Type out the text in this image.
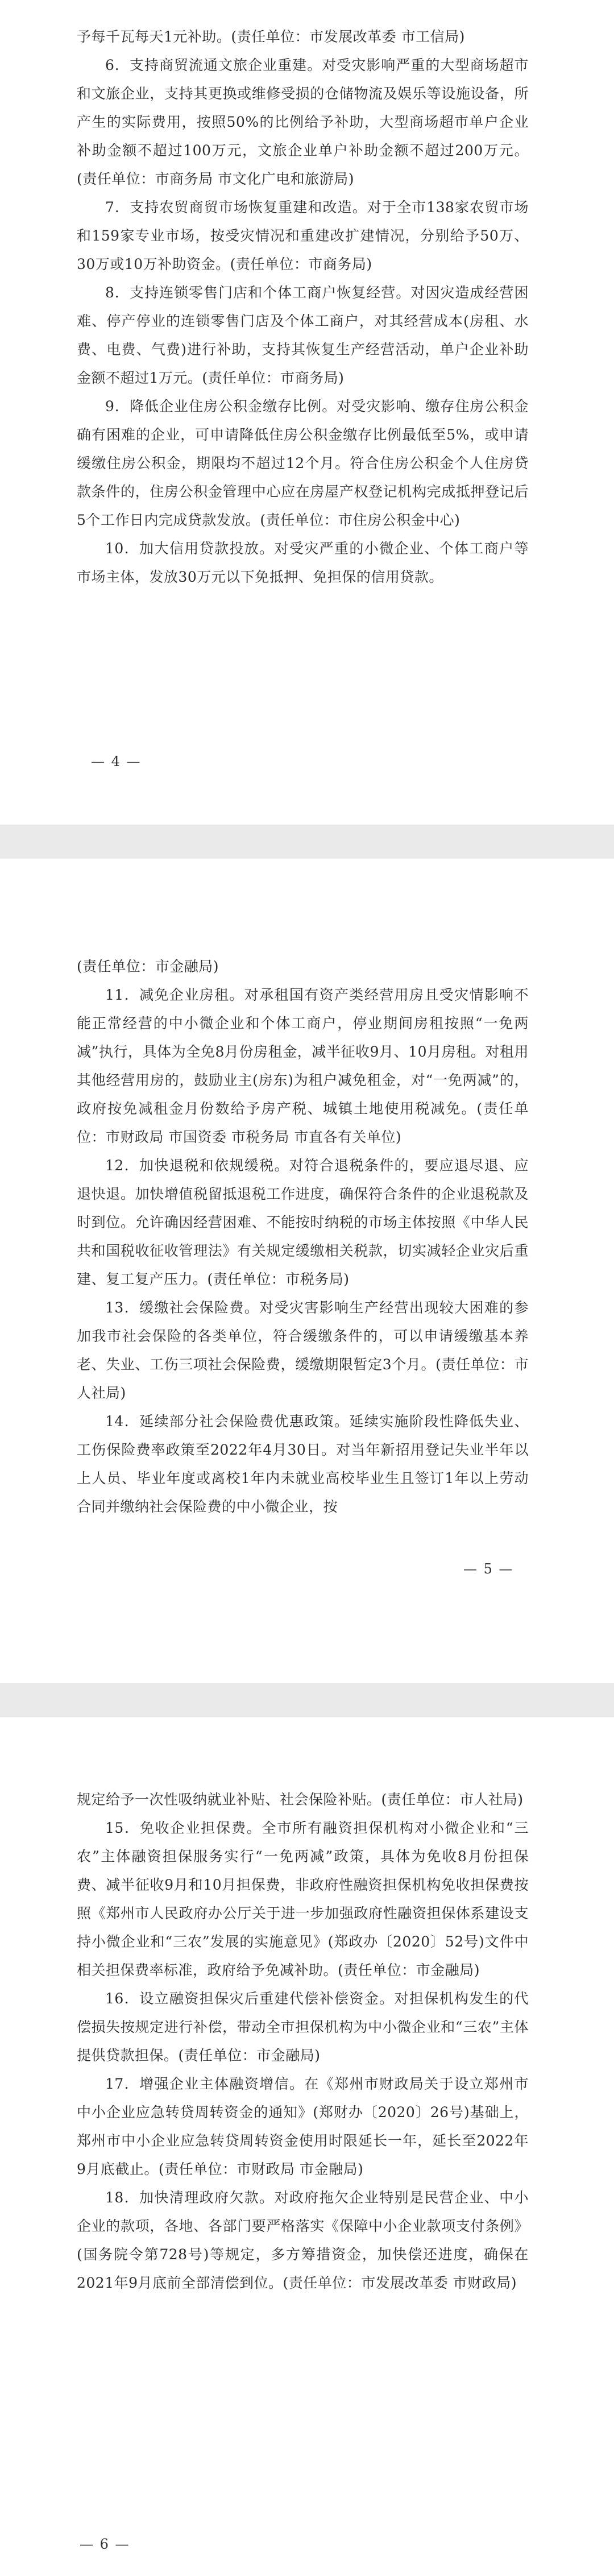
予每千瓦每天1元补助。(责任单位：市发展改革委 市工信局)

6．支持商贸流通文旅企业重建。对受灾影响严重的大型商场超市和文旅企业，支持其更换或维修受损的仓储物流及娱乐等设施设备，所产生的实际费用，按照50%的比例给予补助，大型商场超市单户企业补助金额不超过100万元，文旅企业单户补助金额不超过200万元。(责任单位：市商务局 市文化广电和旅游局)

7．支持农贸商贸市场恢复重建和改造。对于全市138家农贸市场和159家专业市场，按受灾情况和重建改扩建情况，分别给予50万、30万或10万补助资金。(责任单位：市商务局)

8．支持连锁零售门店和个体工商户恢复经营。对因灾造成经营困难、停产停业的连锁零售门店及个体工商户，对其经营成本(房租、水费、电费、气费)进行补助，支持其恢复生产经营活动，单户企业补助金额不超过1万元。(责任单位：市商务局)

9．降低企业住房公积金缴存比例。对受灾影响、缴存住房公积金确有困难的企业，可申请降低住房公积金缴存比例最低至5%，或申请缓缴住房公积金，期限均不超过12个月。符合住房公积金个人住房贷款条件的，住房公积金管理中心应在房屋产权登记机构完成抵押登记后5个工作日内完成贷款发放。(责任单位：市住房公积金中心)

10．加大信用贷款投放。对受灾严重的小微企业、个体工商户等市场主体，发放30万元以下免抵押、免担保的信用贷款。

— 4 —

(责任单位：市金融局)

11．减免企业房租。对承租国有资产类经营用房且受灾情影响不能正常经营的中小微企业和个体工商户，停业期间房租按照“一免两减”执行，具体为全免8月份房租金，减半征收9月、10月房租。对租用其他经营用房的，鼓励业主(房东)为租户减免租金，对“一免两减”的，政府按免减租金月份数给予房产税、城镇土地使用税减免。(责任单位：市财政局 市国资委 市税务局 市直各有关单位)

12．加快退税和依规缓税。对符合退税条件的，要应退尽退、应退快退。加快增值税留抵退税工作进度，确保符合条件的企业退税款及时到位。允许确因经营困难、不能按时纳税的市场主体按照《中华人民共和国税收征收管理法》有关规定缓缴相关税款，切实减轻企业灾后重建、复工复产压力。(责任单位：市税务局)

13．缓缴社会保险费。对受灾害影响生产经营出现较大困难的参加我市社会保险的各类单位，符合缓缴条件的，可以申请缓缴基本养老、失业、工伤三项社会保险费，缓缴期限暂定3个月。(责任单位：市人社局)

14．延续部分社会保险费优惠政策。延续实施阶段性降低失业、工伤保险费率政策至2022年4月30日。对当年新招用登记失业半年以上人员、毕业年度或离校1年内未就业高校毕业生且签订1年以上劳动合同并缴纳社会保险费的中小微企业，按

— 5 —

规定给予一次性吸纳就业补贴、社会保险补贴。(责任单位：市人社局)

15．免收企业担保费。全市所有融资担保机构对小微企业和“三农”主体融资担保服务实行“一免两减”政策，具体为免收8月份担保费、减半征收9月和10月担保费，非政府性融资担保机构免收担保费按照《郑州市人民政府办公厅关于进一步加强政府性融资担保体系建设支持小微企业和“三农”发展的实施意见》(郑政办〔2020〕52号)文件中相关担保费率标准，政府给予免减补助。(责任单位：市金融局)

16．设立融资担保灾后重建代偿补偿资金。对担保机构发生的代偿损失按规定进行补偿，带动全市担保机构为中小微企业和“三农”主体提供贷款担保。(责任单位：市金融局)

17．增强企业主体融资增信。在《郑州市财政局关于设立郑州市中小企业应急转贷周转资金的通知》(郑财办〔2020〕26号)基础上，郑州市中小企业应急转贷周转资金使用时限延长一年，延长至2022年9月底截止。(责任单位：市财政局 市金融局)

18．加快清理政府欠款。对政府拖欠企业特别是民营企业、中小企业的款项，各地、各部门要严格落实《保障中小企业款项支付条例》(国务院令第728号)等规定，多方筹措资金，加快偿还进度，确保在2021年9月底前全部清偿到位。(责任单位：市发展改革委 市财政局)

— 6 —
